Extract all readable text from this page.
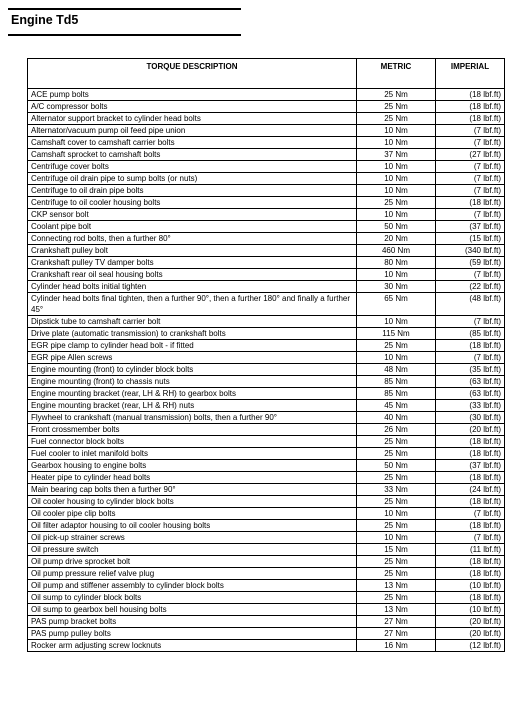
Engine Td5
TORQUE DESCRIPTION	METRIC	IMPERIAL
ACE pump bolts	25 Nm	(18 lbf.ft)
A/C compressor bolts	25 Nm	(18 lbf.ft)
Alternator support bracket to cylinder head bolts	25 Nm	(18 lbf.ft)
Alternator/vacuum pump oil feed pipe union	10 Nm	(7 lbf.ft)
Camshaft cover to camshaft carrier bolts	10 Nm	(7 lbf.ft)
Camshaft sprocket to camshaft bolts	37 Nm	(27 lbf.ft)
Centrifuge cover bolts	10 Nm	(7 lbf.ft)
Centrifuge oil drain pipe to sump bolts (or nuts)	10 Nm	(7 lbf.ft)
Centrifuge to oil drain pipe bolts	10 Nm	(7 lbf.ft)
Centrifuge to oil cooler housing bolts	25 Nm	(18 lbf.ft)
CKP sensor bolt	10 Nm	(7 lbf.ft)
Coolant pipe bolt	50 Nm	(37 lbf.ft)
Connecting rod bolts, then a further 80°	20 Nm	(15 lbf.ft)
Crankshaft pulley bolt	460 Nm	(340 lbf.ft)
Crankshaft pulley TV damper bolts	80 Nm	(59 lbf.ft)
Crankshaft rear oil seal housing bolts	10 Nm	(7 lbf.ft)
Cylinder head bolts initial tighten	30 Nm	(22 lbf.ft)
Cylinder head bolts final tighten, then a further 90°, then a further 180° and finally a further 45°	65 Nm	(48 lbf.ft)
Dipstick tube to camshaft carrier bolt	10 Nm	(7 lbf.ft)
Drive plate (automatic transmission) to crankshaft bolts	115 Nm	(85 lbf.ft)
EGR pipe clamp to cylinder head bolt - if fitted	25 Nm	(18 lbf.ft)
EGR pipe Allen screws	10 Nm	(7 lbf.ft)
Engine mounting (front) to cylinder block bolts	48 Nm	(35 lbf.ft)
Engine mounting (front) to chassis nuts	85 Nm	(63 lbf.ft)
Engine mounting bracket (rear, LH & RH) to gearbox bolts	85 Nm	(63 lbf.ft)
Engine mounting bracket (rear, LH & RH) nuts	45 Nm	(33 lbf.ft)
Flywheel to crankshaft (manual transmission) bolts, then a further 90°	40 Nm	(30 lbf.ft)
Front crossmember bolts	26 Nm	(20 lbf.ft)
Fuel connector block bolts	25 Nm	(18 lbf.ft)
Fuel cooler to inlet manifold bolts	25 Nm	(18 lbf.ft)
Gearbox housing to engine bolts	50 Nm	(37 lbf.ft)
Heater pipe to cylinder head bolts	25 Nm	(18 lbf.ft)
Main bearing cap bolts then a further 90°	33 Nm	(24 lbf.ft)
Oil cooler housing to cylinder block bolts	25 Nm	(18 lbf.ft)
Oil cooler pipe clip bolts	10 Nm	(7 lbf.ft)
Oil filter adaptor housing to oil cooler housing bolts	25 Nm	(18 lbf.ft)
Oil pick-up strainer screws	10 Nm	(7 lbf.ft)
Oil pressure switch	15 Nm	(11 lbf.ft)
Oil pump drive sprocket bolt	25 Nm	(18 lbf.ft)
Oil pump pressure relief valve plug	25 Nm	(18 lbf.ft)
Oil pump and stiffener assembly to cylinder block bolts	13 Nm	(10 lbf.ft)
Oil sump to cylinder block bolts	25 Nm	(18 lbf.ft)
Oil sump to gearbox bell housing bolts	13 Nm	(10 lbf.ft)
PAS pump bracket bolts	27 Nm	(20 lbf.ft)
PAS pump pulley bolts	27 Nm	(20 lbf.ft)
Rocker arm adjusting screw locknuts	16 Nm	(12 lbf.ft)
